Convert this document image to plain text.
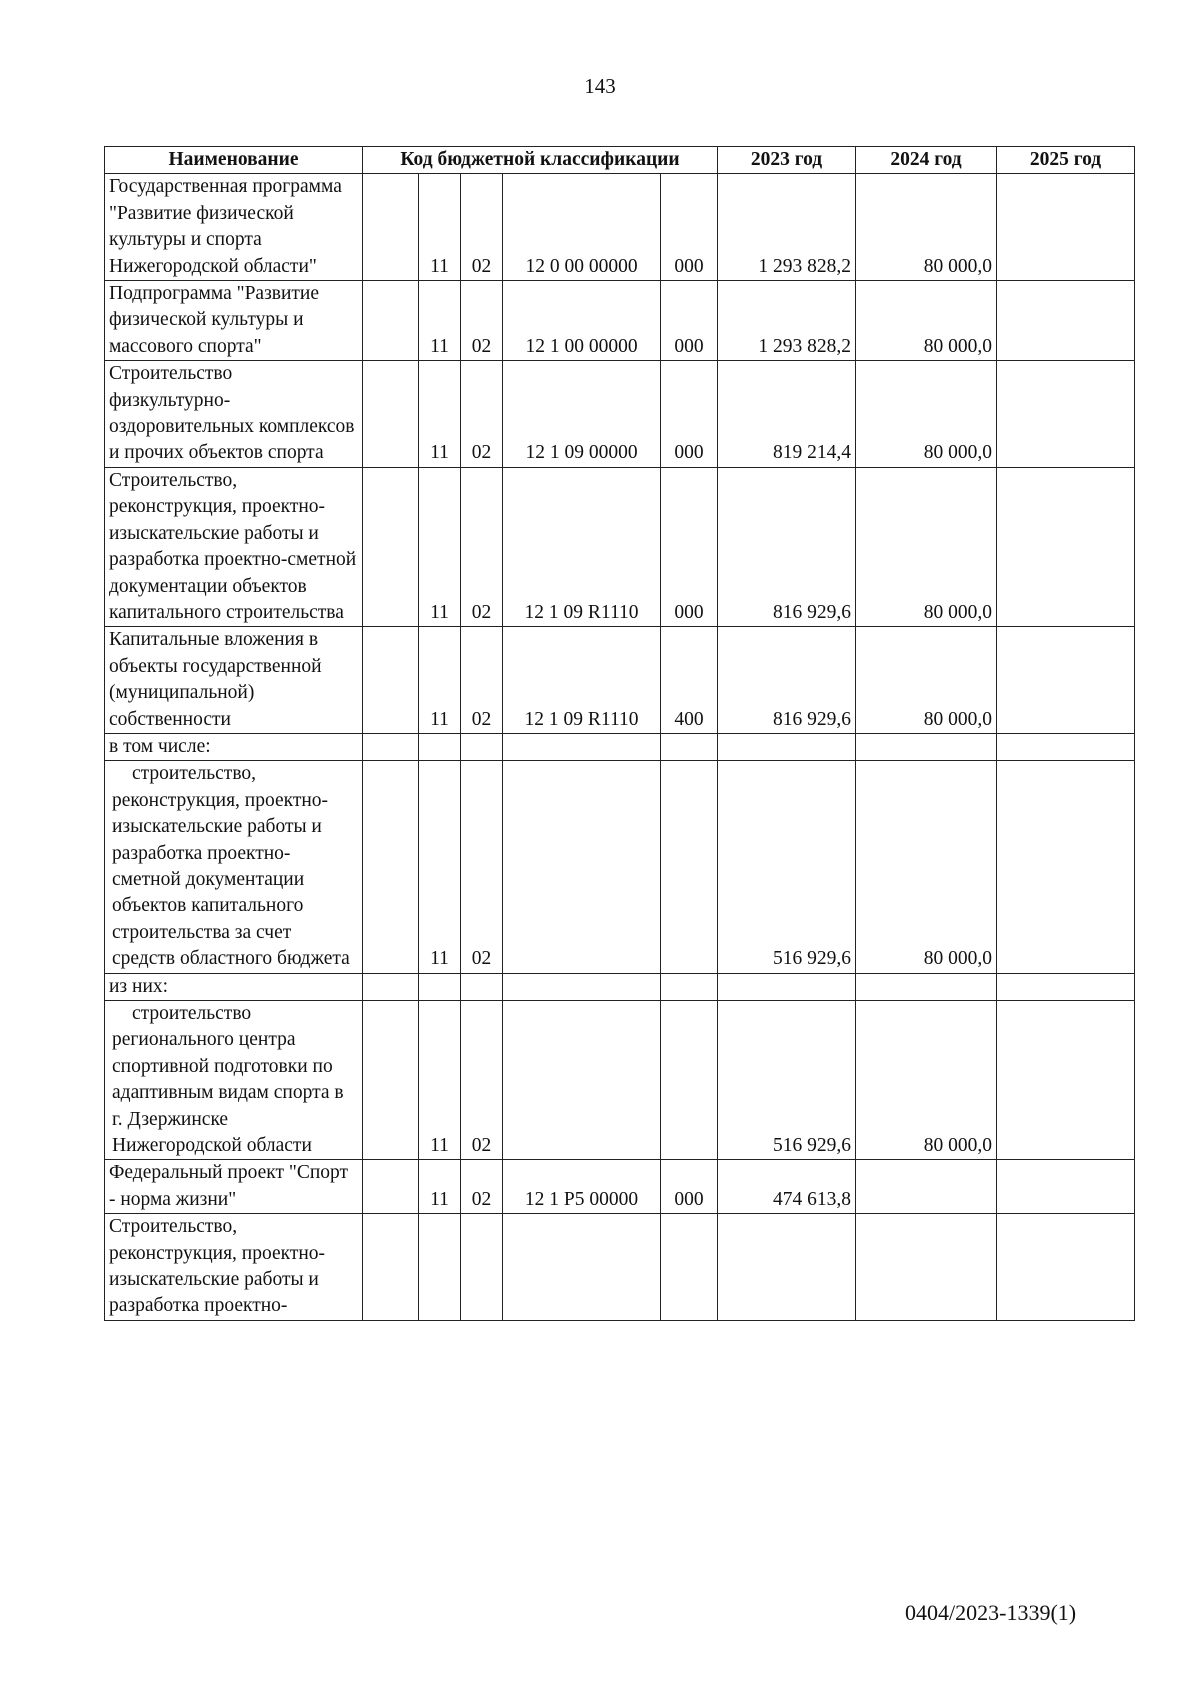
143
Наименование	Код бюджетной классификации					2023 год	2024 год	2025 год
Государственная программа "Развитие физической культуры и спорта Нижегородской области"		11	02	12 0 00 00000	000	1 293 828,2	80 000,0	
Подпрограмма "Развитие физической культуры и массового спорта"		11	02	12 1 00 00000	000	1 293 828,2	80 000,0	
Строительство физкультурно-оздоровительных комплексов и прочих объектов спорта		11	02	12 1 09 00000	000	819 214,4	80 000,0	
Строительство, реконструкция, проектно-изыскательские работы и разработка проектно-сметной документации объектов капитального строительства		11	02	12 1 09 R1110	000	816 929,6	80 000,0	
Капитальные вложения в объекты государственной (муниципальной) собственности		11	02	12 1 09 R1110	400	816 929,6	80 000,0	
в том числе:								
строительство, реконструкция, проектно-изыскательские работы и разработка проектно-сметной документации объектов капитального строительства за счет средств областного бюджета		11	02			516 929,6	80 000,0	
из них:								
строительство регионального центра спортивной подготовки по адаптивным видам спорта в г. Дзержинске Нижегородской области		11	02			516 929,6	80 000,0	
Федеральный проект "Спорт - норма жизни"		11	02	12 1 P5 00000	000	474 613,8		
Строительство, реконструкция, проектно-изыскательские работы и разработка проектно-								
0404/2023-1339(1)
